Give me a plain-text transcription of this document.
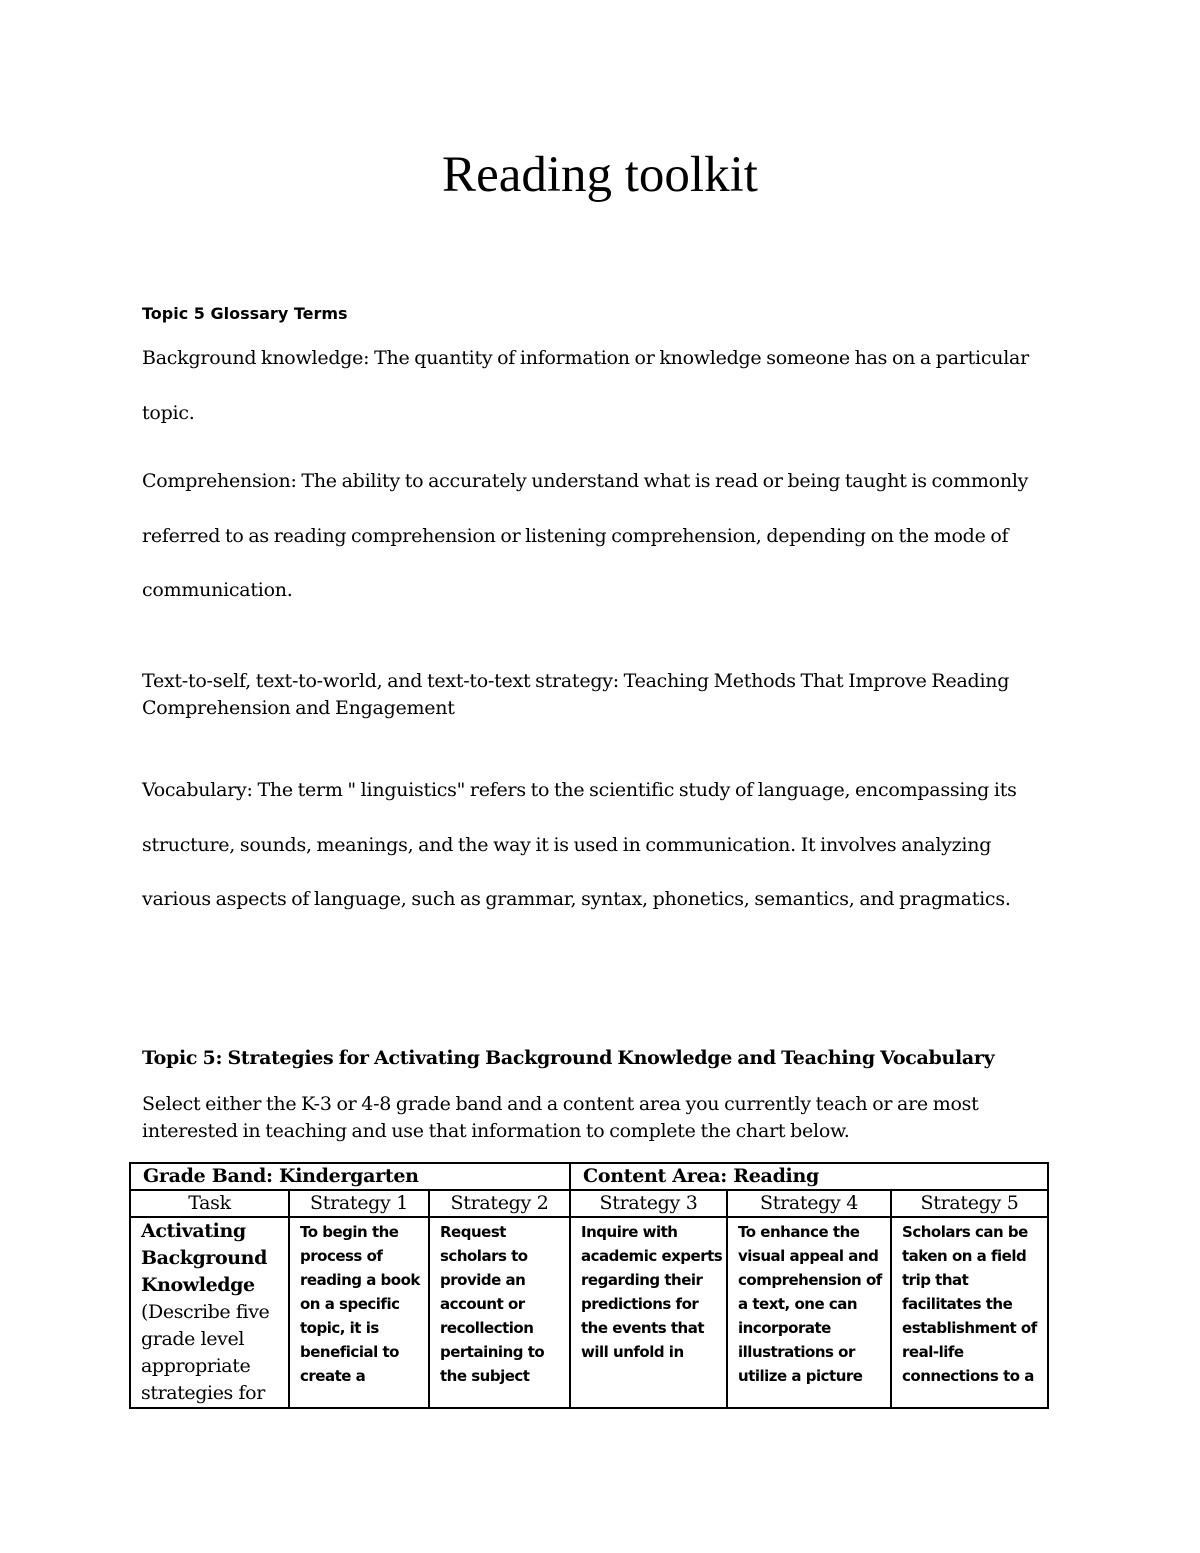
Reading toolkit
Topic 5 Glossary Terms
Background knowledge: The quantity of information or knowledge someone has on a particular topic.
Comprehension: The ability to accurately understand what is read or being taught is commonly referred to as reading comprehension or listening comprehension, depending on the mode of communication.
Text-to-self, text-to-world, and text-to-text strategy: Teaching Methods That Improve Reading Comprehension and Engagement
Vocabulary: The term " linguistics" refers to the scientific study of language, encompassing its structure, sounds, meanings, and the way it is used in communication. It involves analyzing various aspects of language, such as grammar, syntax, phonetics, semantics, and pragmatics.
Topic 5: Strategies for Activating Background Knowledge and Teaching Vocabulary
Select either the K-3 or 4-8 grade band and a content area you currently teach or are most interested in teaching and use that information to complete the chart below.
Grade Band: Kindergarten			Content Area: Reading		
Task	Strategy 1	Strategy 2	Strategy 3	Strategy 4	Strategy 5

Activating Background Knowledge
(Describe five grade level appropriate strategies for	To begin the process of reading a book on a specific topic, it is beneficial to create a	Request scholars to provide an account or recollection pertaining to the subject	Inquire with academic experts regarding their predictions for the events that will unfold in	To enhance the visual appeal and comprehension of a text, one can incorporate illustrations or utilize a picture	Scholars can be taken on a field trip that facilitates the establishment of real-life connections to a
